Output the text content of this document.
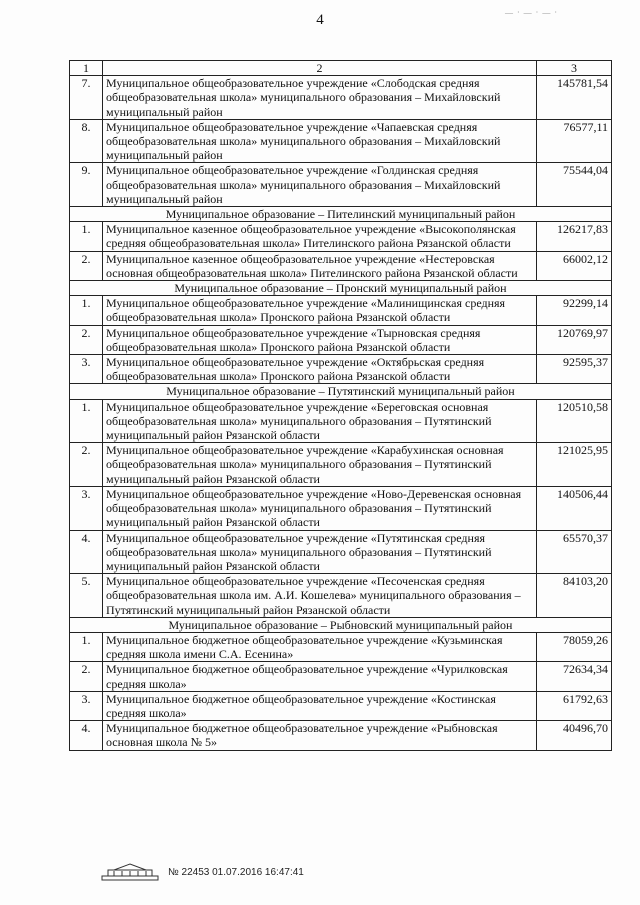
4	— · — · — ·
1	2	3
7.	Муниципальное общеобразовательное учреждение «Слободская средняя общеобразовательная школа» муниципального образования – Михайловский муниципальный район	145781,54
8.	Муниципальное общеобразовательное учреждение «Чапаевская средняя общеобразовательная школа» муниципального образования – Михайловский муниципальный район	76577,11
9.	Муниципальное общеобразовательное учреждение «Голдинская средняя общеобразовательная школа» муниципального образования – Михайловский муниципальный район	75544,04
Муниципальное образование – Пителинский муниципальный район		
1.	Муниципальное казенное общеобразовательное учреждение «Высокополянская средняя общеобразовательная школа» Пителинского района Рязанской области	126217,83
2.	Муниципальное казенное общеобразовательное учреждение «Нестеровская основная общеобразовательная школа» Пителинского района Рязанской области	66002,12
Муниципальное образование – Пронский муниципальный район		
1.	Муниципальное общеобразовательное учреждение «Малинищинская средняя общеобразовательная школа» Пронского района Рязанской области	92299,14
2.	Муниципальное общеобразовательное учреждение «Тырновская средняя общеобразовательная школа» Пронского района Рязанской области	120769,97
3.	Муниципальное общеобразовательное учреждение «Октябрьская средняя общеобразовательная школа» Пронского района Рязанской области	92595,37
Муниципальное образование – Путятинский муниципальный район		
1.	Муниципальное общеобразовательное учреждение «Береговская основная общеобразовательная школа» муниципального образования – Путятинский муниципальный район Рязанской области	120510,58
2.	Муниципальное общеобразовательное учреждение «Карабухинская основная общеобразовательная школа» муниципального образования – Путятинский муниципальный район Рязанской области	121025,95
3.	Муниципальное общеобразовательное учреждение «Ново-Деревенская основная общеобразовательная школа» муниципального образования – Путятинский муниципальный район Рязанской области	140506,44
4.	Муниципальное общеобразовательное учреждение «Путятинская средняя общеобразовательная школа» муниципального образования – Путятинский муниципальный район Рязанской области	65570,37
5.	Муниципальное общеобразовательное учреждение «Песоченская средняя общеобразовательная школа им. А.И. Кошелева» муниципального образования – Путятинский муниципальный район Рязанской области	84103,20
Муниципальное образование – Рыбновский муниципальный район		
1.	Муниципальное бюджетное общеобразовательное учреждение «Кузьминская средняя школа имени С.А. Есенина»	78059,26
2.	Муниципальное бюджетное общеобразовательное учреждение «Чурилковская средняя школа»	72634,34
3.	Муниципальное бюджетное общеобразовательное учреждение «Костинская средняя школа»	61792,63
4.	Муниципальное бюджетное общеобразовательное учреждение «Рыбновская основная школа № 5»	40496,70
№ 22453 01.07.2016 16:47:41
